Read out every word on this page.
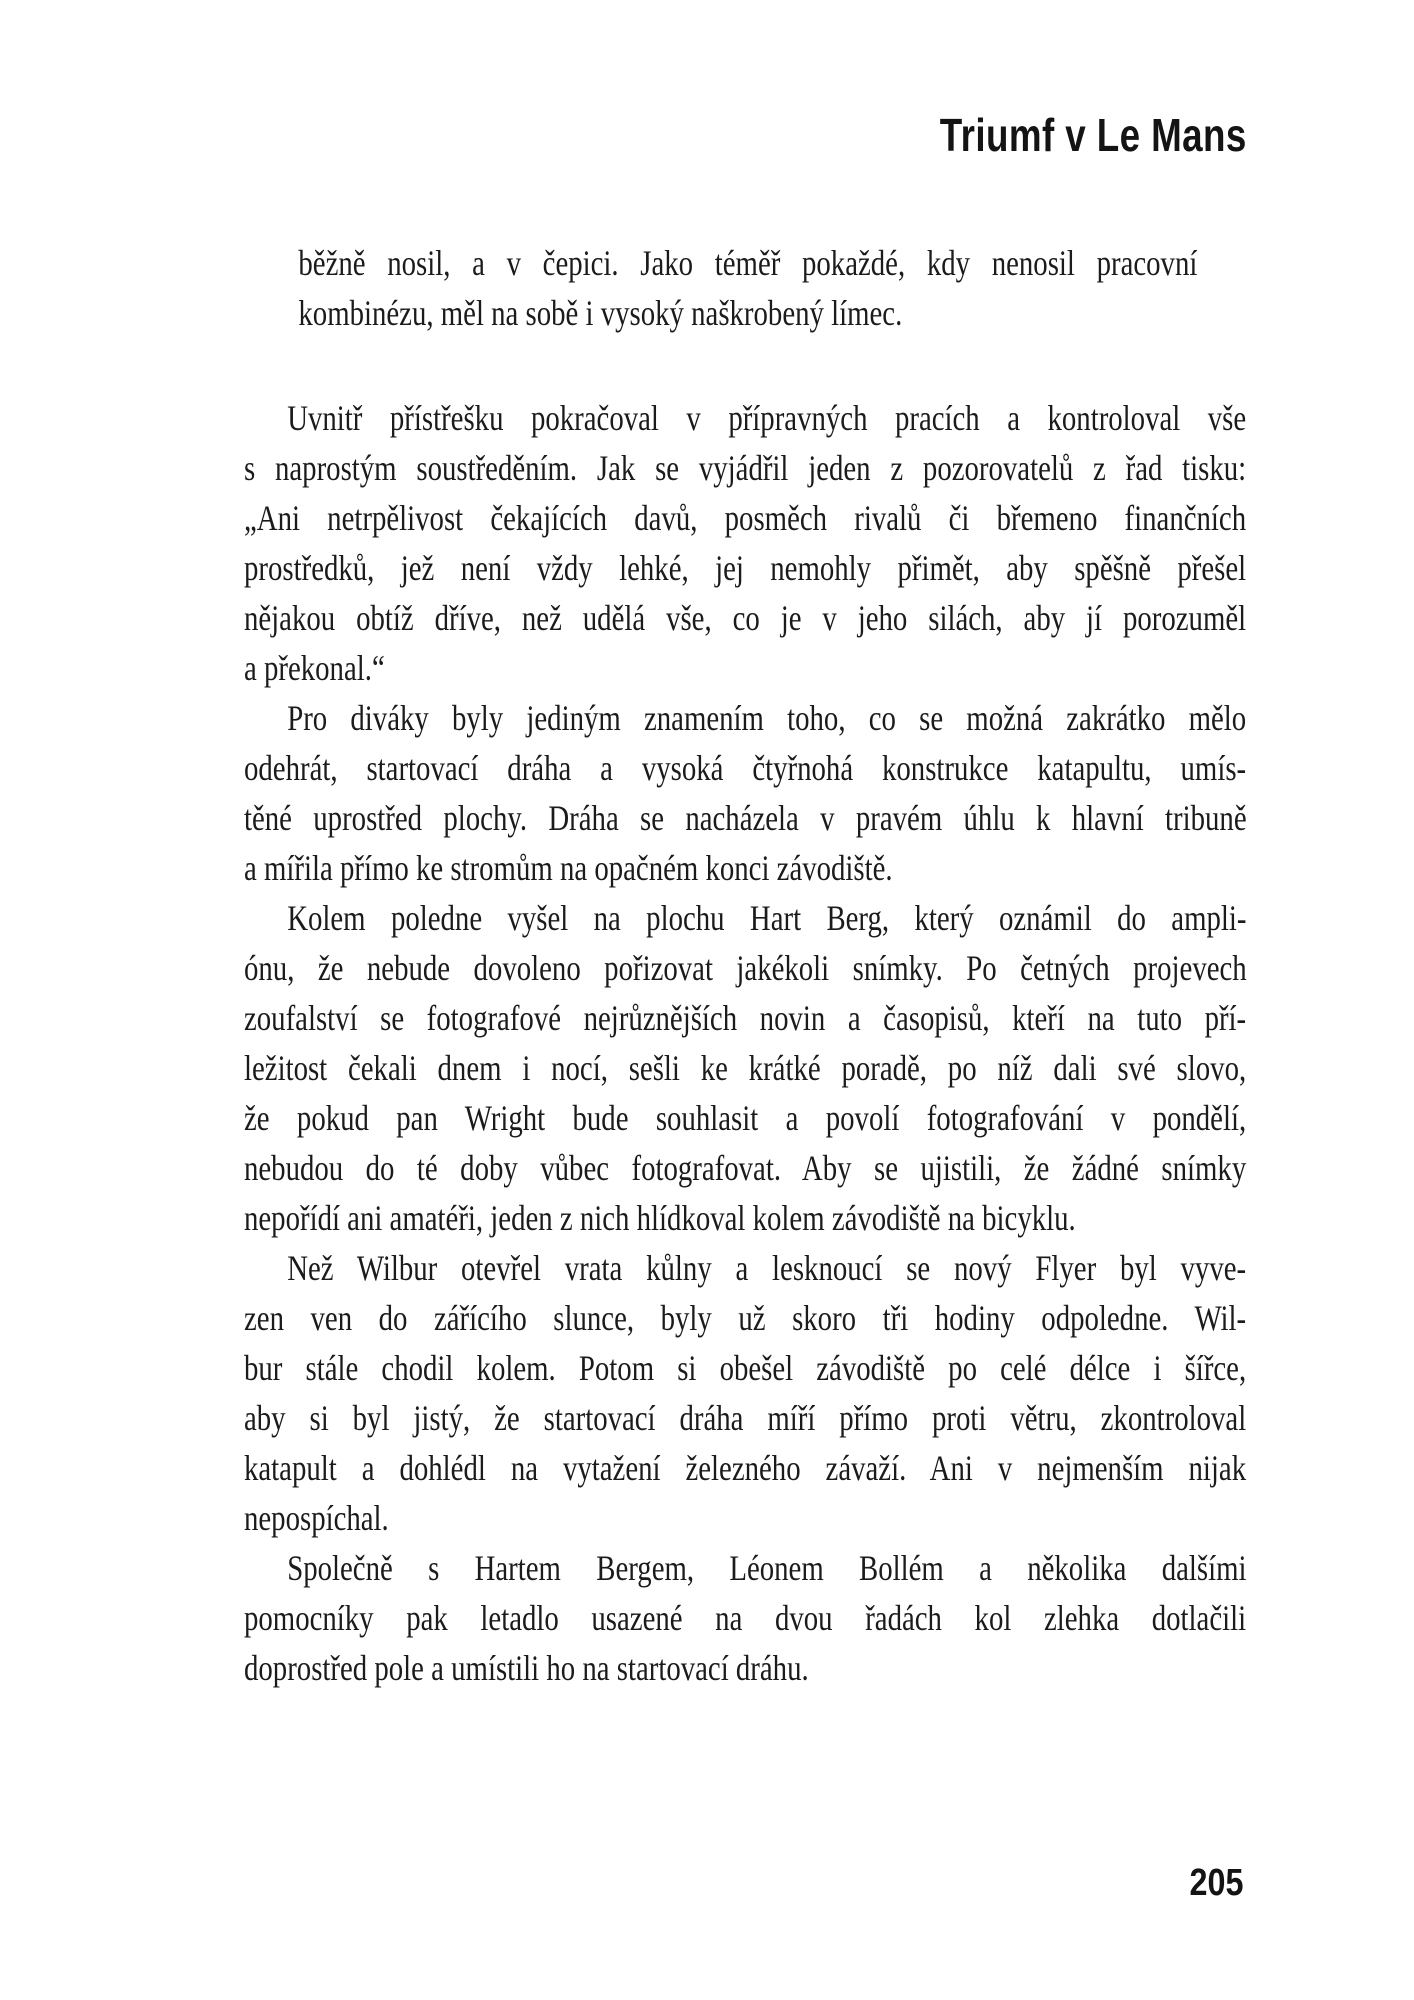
Triumf v Le Mans
běžně nosil, a v čepici. Jako téměř pokaždé, kdy nenosil pracovní
kombinézu, měl na sobě i vysoký naškrobený límec.
Uvnitř přístřešku pokračoval v přípravných pracích a kontroloval vše
s naprostým soustředěním. Jak se vyjádřil jeden z pozorovatelů z řad tisku:
„Ani netrpělivost čekajících davů, posměch rivalů či břemeno finančních
prostředků, jež není vždy lehké, jej nemohly přimět, aby spěšně přešel
nějakou obtíž dříve, než udělá vše, co je v jeho silách, aby jí porozuměl
a překonal.“
Pro diváky byly jediným znamením toho, co se možná zakrátko mělo
odehrát, startovací dráha a vysoká čtyřnohá konstrukce katapultu, umís-
těné uprostřed plochy. Dráha se nacházela v pravém úhlu k hlavní tribuně
a mířila přímo ke stromům na opačném konci závodiště.
Kolem poledne vyšel na plochu Hart Berg, který oznámil do ampli-
ónu, že nebude dovoleno pořizovat jakékoli snímky. Po četných projevech
zoufalství se fotografové nejrůznějších novin a časopisů, kteří na tuto pří-
ležitost čekali dnem i nocí, sešli ke krátké poradě, po níž dali své slovo,
že pokud pan Wright bude souhlasit a povolí fotografování v pondělí,
nebudou do té doby vůbec fotografovat. Aby se ujistili, že žádné snímky
nepořídí ani amatéři, jeden z nich hlídkoval kolem závodiště na bicyklu.
Než Wilbur otevřel vrata kůlny a lesknoucí se nový Flyer byl vyve-
zen ven do zářícího slunce, byly už skoro tři hodiny odpoledne. Wil-
bur stále chodil kolem. Potom si obešel závodiště po celé délce i šířce,
aby si byl jistý, že startovací dráha míří přímo proti větru, zkontroloval
katapult a dohlédl na vytažení železného závaží. Ani v nejmenším nijak
nepospíchal.
Společně s Hartem Bergem, Léonem Bollém a několika dalšími
pomocníky pak letadlo usazené na dvou řadách kol zlehka dotlačili
doprostřed pole a umístili ho na startovací dráhu.
205
